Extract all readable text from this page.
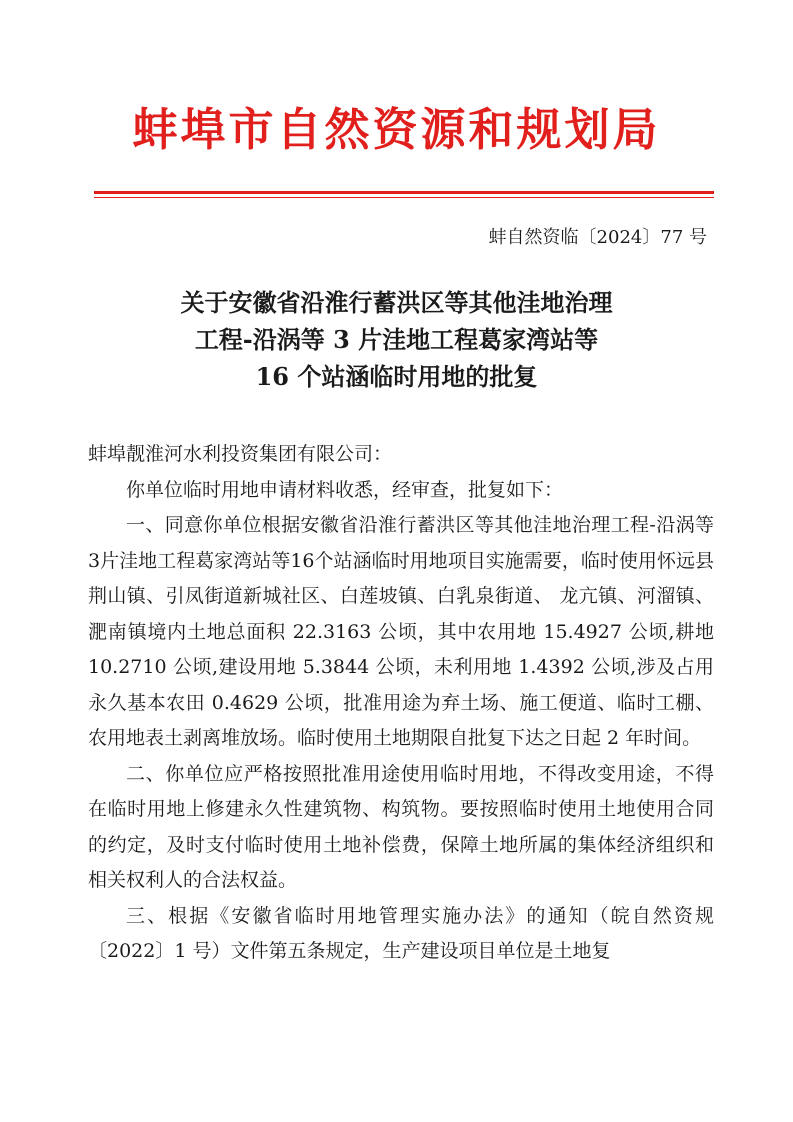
蚌埠市自然资源和规划局
蚌自然资临〔2024〕77 号
关于安徽省沿淮行蓄洪区等其他洼地治理
工程-沿涡等 3 片洼地工程葛家湾站等
16 个站涵临时用地的批复

蚌埠靓淮河水利投资集团有限公司：

你单位临时用地申请材料收悉，经审查，批复如下：

一、同意你单位根据安徽省沿淮行蓄洪区等其他洼地治理工程-沿涡等3片洼地工程葛家湾站等16个站涵临时用地项目实施需要，临时使用怀远县荆山镇、引凤街道新城社区、白莲坡镇、白乳泉街道、 龙亢镇、河溜镇、淝南镇境内土地总面积 22.3163 公顷，其中农用地 15.4927 公顷,耕地 10.2710 公顷,建设用地 5.3844 公顷，未利用地 1.4392 公顷,涉及占用永久基本农田 0.4629 公顷，批准用途为弃土场、施工便道、临时工棚、农用地表土剥离堆放场。临时使用土地期限自批复下达之日起 2 年时间。

二、你单位应严格按照批准用途使用临时用地，不得改变用途，不得在临时用地上修建永久性建筑物、构筑物。要按照临时使用土地使用合同的约定，及时支付临时使用土地补偿费，保障土地所属的集体经济组织和相关权利人的合法权益。

三、根据《安徽省临时用地管理实施办法》的通知（皖自然资规〔2022〕1 号）文件第五条规定，生产建设项目单位是土地复
